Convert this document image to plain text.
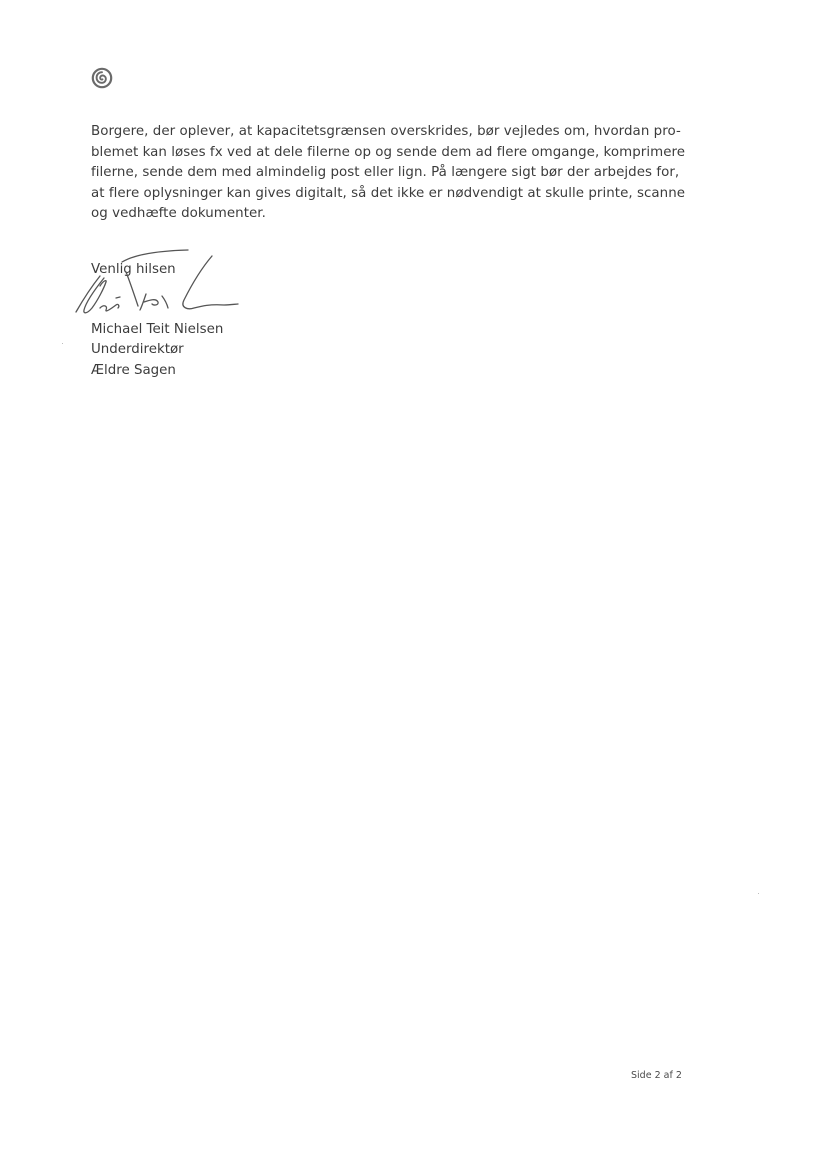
Borgere, der oplever, at kapacitetsgrænsen overskrides, bør vejledes om, hvordan pro-
blemet kan løses fx ved at dele filerne op og sende dem ad flere omgange, komprimere
filerne, sende dem med almindelig post eller lign. På længere sigt bør der arbejdes for,
at flere oplysninger kan gives digitalt, så det ikke er nødvendigt at skulle printe, scanne
og vedhæfte dokumenter.

Venlig hilsen
Michael Teit Nielsen
Underdirektør
Ældre Sagen
Side 2 af 2
